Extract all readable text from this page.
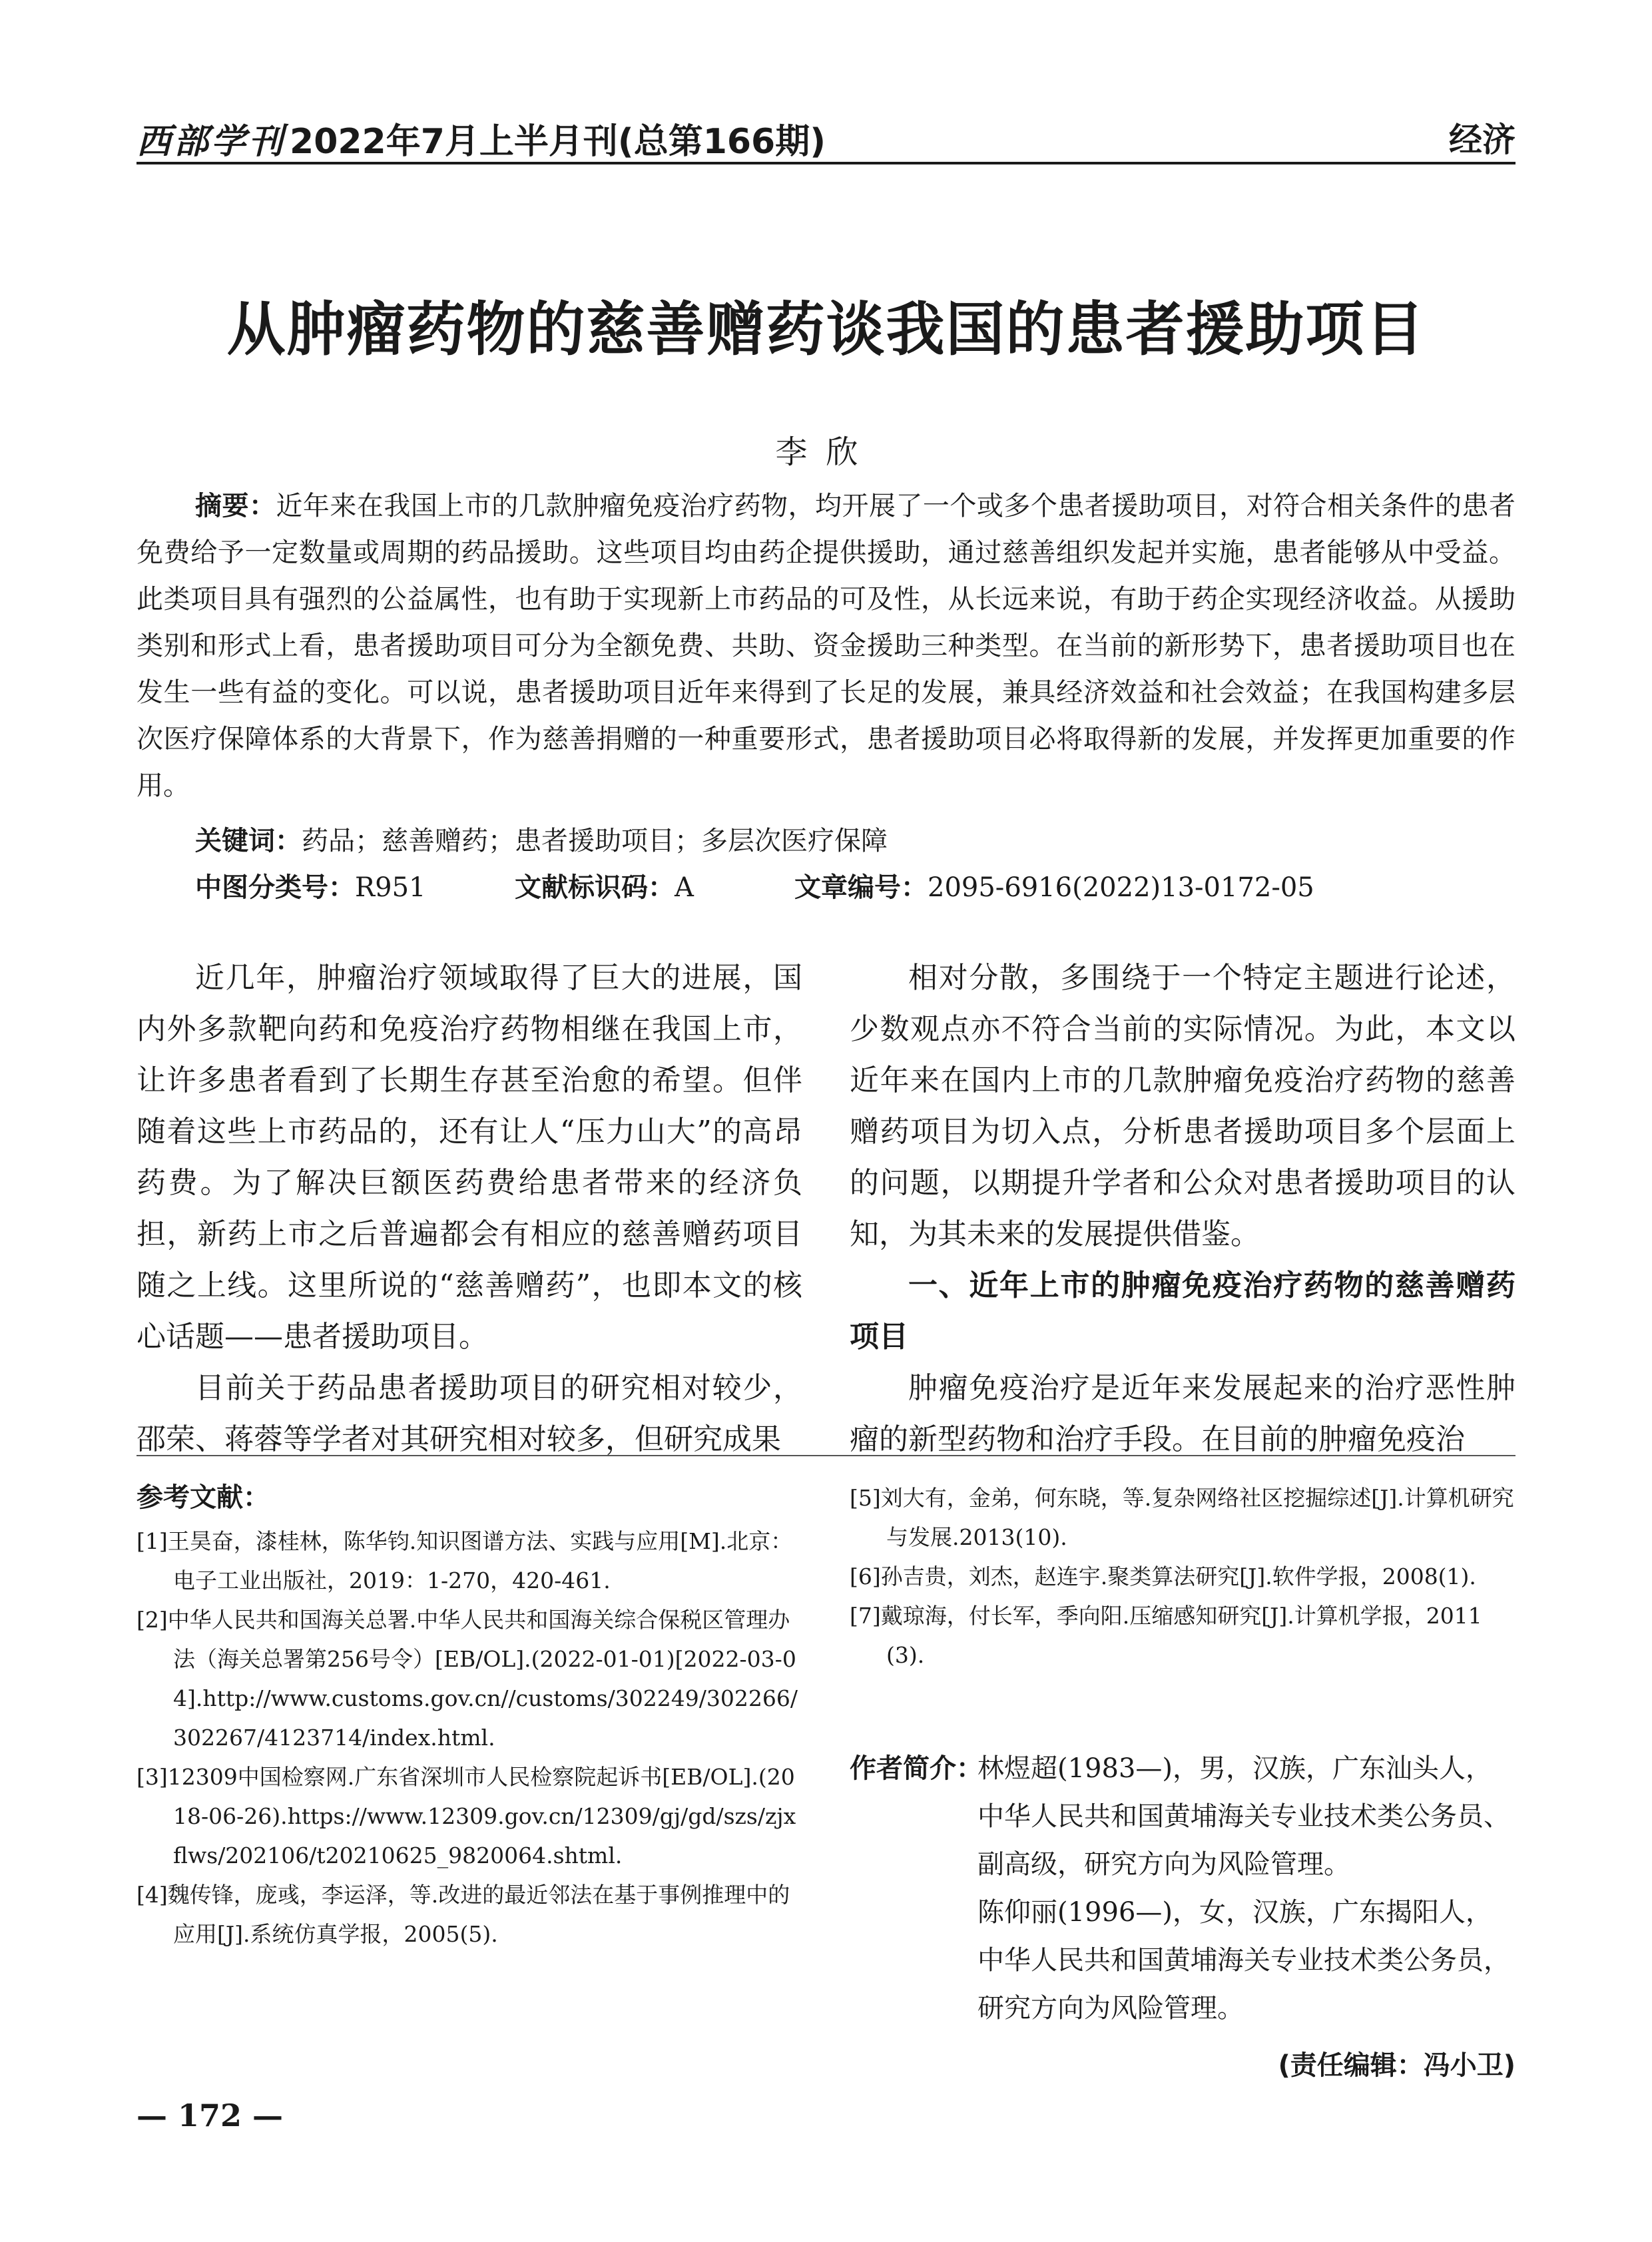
西部学刊 2022年7月上半月刊(总第166期)	经济
从肿瘤药物的慈善赠药谈我国的患者援助项目
李欣
摘要：近年来在我国上市的几款肿瘤免疫治疗药物，均开展了一个或多个患者援助项目，对符合相关条件的患者免费给予一定数量或周期的药品援助。这些项目均由药企提供援助，通过慈善组织发起并实施，患者能够从中受益。此类项目具有强烈的公益属性，也有助于实现新上市药品的可及性，从长远来说，有助于药企实现经济收益。从援助类别和形式上看，患者援助项目可分为全额免费、共助、资金援助三种类型。在当前的新形势下，患者援助项目也在发生一些有益的变化。可以说，患者援助项目近年来得到了长足的发展，兼具经济效益和社会效益；在我国构建多层次医疗保障体系的大背景下，作为慈善捐赠的一种重要形式，患者援助项目必将取得新的发展，并发挥更加重要的作用。
关键词：药品；慈善赠药；患者援助项目；多层次医疗保障
中图分类号：R951	文献标识码：A	文章编号：2095-6916(2022)13-0172-05

近几年，肿瘤治疗领域取得了巨大的进展，国内外多款靶向药和免疫治疗药物相继在我国上市，让许多患者看到了长期生存甚至治愈的希望。但伴随着这些上市药品的，还有让人“压力山大”的高昂药费。为了解决巨额医药费给患者带来的经济负担，新药上市之后普遍都会有相应的慈善赠药项目随之上线。这里所说的“慈善赠药”，也即本文的核心话题——患者援助项目。

目前关于药品患者援助项目的研究相对较少，邵荣、蒋蓉等学者对其研究相对较多，但研究成果

相对分散，多围绕于一个特定主题进行论述，少数观点亦不符合当前的实际情况。为此，本文以近年来在国内上市的几款肿瘤免疫治疗药物的慈善赠药项目为切入点，分析患者援助项目多个层面上的问题，以期提升学者和公众对患者援助项目的认知，为其未来的发展提供借鉴。

一、近年上市的肿瘤免疫治疗药物的慈善赠药项目

肿瘤免疫治疗是近年来发展起来的治疗恶性肿瘤的新型药物和治疗手段。在目前的肿瘤免疫治

参考文献：
[1]王昊奋，漆桂林，陈华钧.知识图谱方法、实践与应用[M].北京：电子工业出版社，2019：1-270，420-461.
[2]中华人民共和国海关总署.中华人民共和国海关综合保税区管理办法（海关总署第256号令）[EB/OL].(2022-01-01)[2022-03-04].http://www.customs.gov.cn//customs/302249/302266/302267/4123714/index.html.
[3]12309中国检察网.广东省深圳市人民检察院起诉书[EB/OL].(2018-06-26).https://www.12309.gov.cn/12309/gj/gd/szs/zjxflws/202106/t20210625_9820064.shtml.
[4]魏传锋，庞彧，李运泽，等.改进的最近邻法在基于事例推理中的应用[J].系统仿真学报，2005(5).
[5]刘大有，金弟，何东晓，等.复杂网络社区挖掘综述[J].计算机研究与发展.2013(10).
[6]孙吉贵，刘杰，赵连宇.聚类算法研究[J].软件学报，2008(1).
[7]戴琼海，付长军，季向阳.压缩感知研究[J].计算机学报，2011(3).
作者简介：
林煜超(1983—)，男，汉族，广东汕头人，中华人民共和国黄埔海关专业技术类公务员、副高级，研究方向为风险管理。
陈仰丽(1996—)，女，汉族，广东揭阳人，中华人民共和国黄埔海关专业技术类公务员，研究方向为风险管理。
(责任编辑：冯小卫)
— 172 —
